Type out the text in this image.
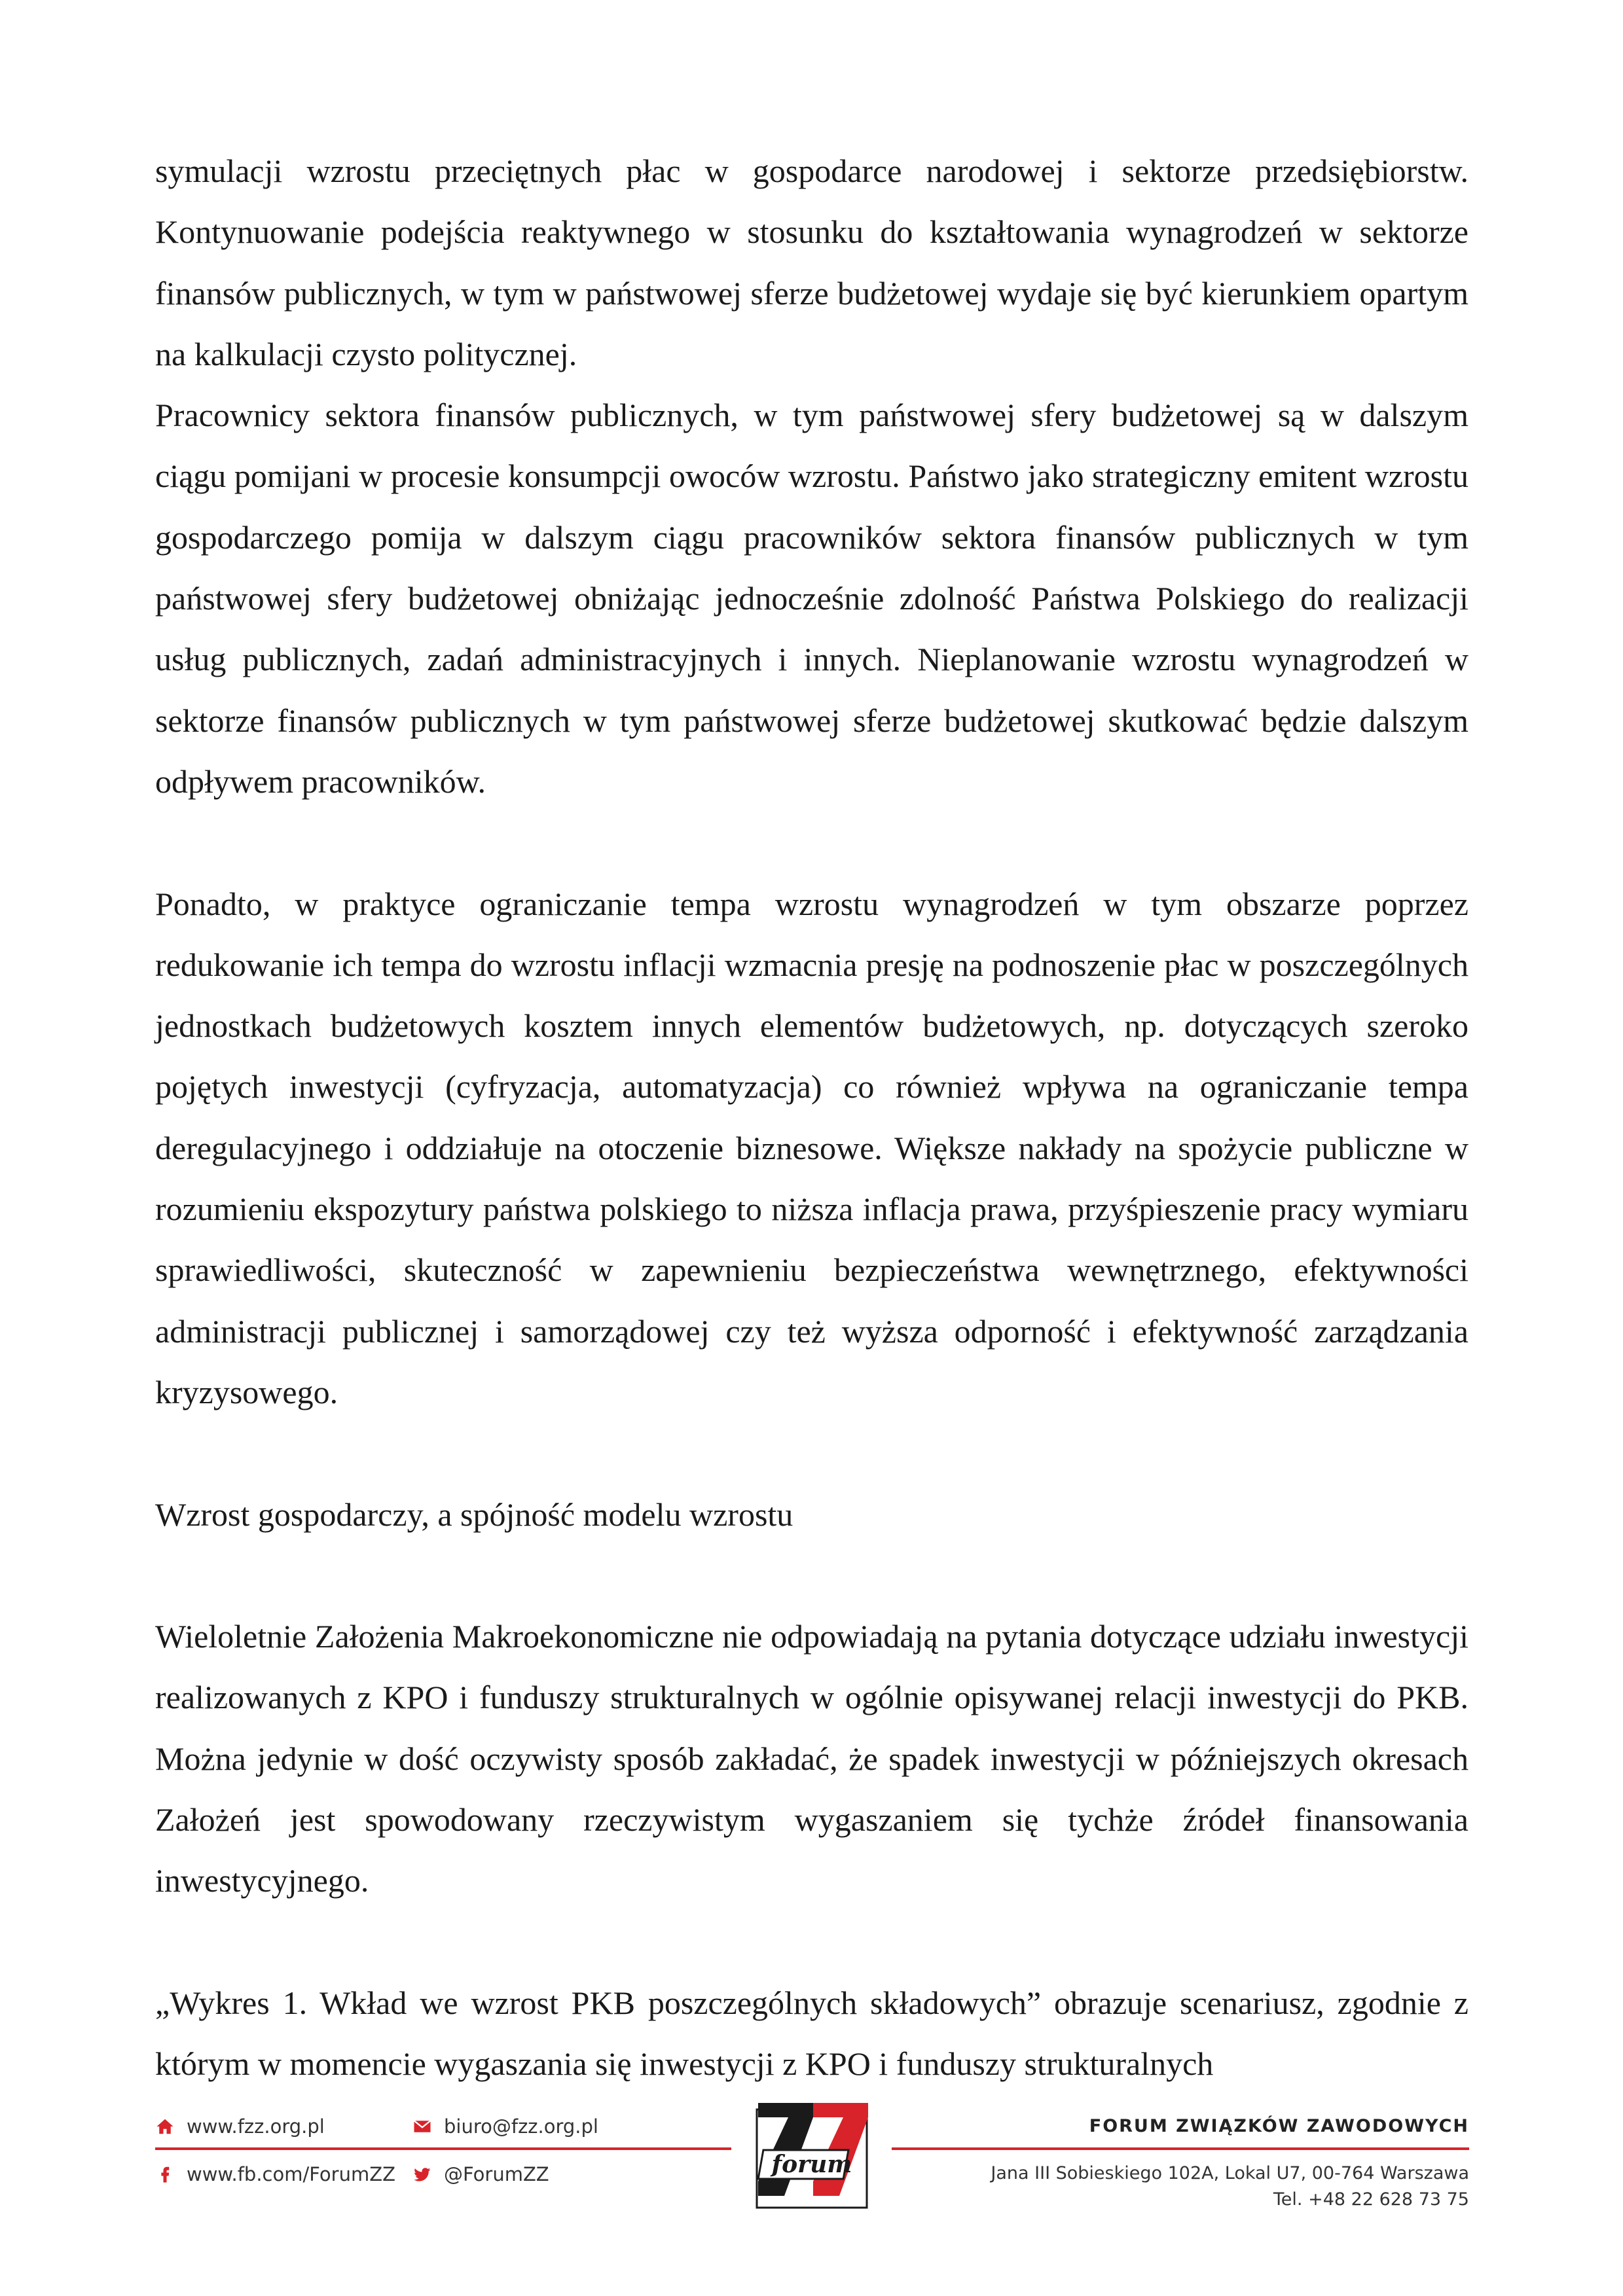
symulacji wzrostu przeciętnych płac w gospodarce narodowej i sektorze przedsiębiorstw. Kontynuowanie podejścia reaktywnego w stosunku do kształtowania wynagrodzeń w sektorze finansów publicznych, w tym w państwowej sferze budżetowej wydaje się być kierunkiem opartym na kalkulacji czysto politycznej.

Pracownicy sektora finansów publicznych, w tym państwowej sfery budżetowej są w dalszym ciągu pomijani w procesie konsumpcji owoców wzrostu. Państwo jako strategiczny emitent wzrostu gospodarczego pomija w dalszym ciągu pracowników sektora finansów publicznych w tym państwowej sfery budżetowej obniżając jednocześnie zdolność Państwa Polskiego do realizacji usług publicznych, zadań administracyjnych i innych. Nieplanowanie wzrostu wynagrodzeń w sektorze finansów publicznych w tym państwowej sferze budżetowej skutkować będzie dalszym odpływem pracowników.

Ponadto, w praktyce ograniczanie tempa wzrostu wynagrodzeń w tym obszarze poprzez redukowanie ich tempa do wzrostu inflacji wzmacnia presję na podnoszenie płac w poszczególnych jednostkach budżetowych kosztem innych elementów budżetowych, np. dotyczących szeroko pojętych inwestycji (cyfryzacja, automatyzacja) co również wpływa na ograniczanie tempa deregulacyjnego i oddziałuje na otoczenie biznesowe. Większe nakłady na spożycie publiczne w rozumieniu ekspozytury państwa polskiego to niższa inflacja prawa, przyśpieszenie pracy wymiaru sprawiedliwości, skuteczność w zapewnieniu bezpieczeństwa wewnętrznego, efektywności administracji publicznej i samorządowej czy też wyższa odporność i efektywność zarządzania kryzysowego.

Wzrost gospodarczy, a spójność modelu wzrostu

Wieloletnie Założenia Makroekonomiczne nie odpowiadają na pytania dotyczące udziału inwestycji realizowanych z KPO i funduszy strukturalnych w ogólnie opisywanej relacji inwestycji do PKB. Można jedynie w dość oczywisty sposób zakładać, że spadek inwestycji w późniejszych okresach Założeń jest spowodowany rzeczywistym wygaszaniem się tychże źródeł finansowania inwestycyjnego.

„Wykres 1. Wkład we wzrost PKB poszczególnych składowych” obrazuje scenariusz, zgodnie z którym w momencie wygaszania się inwestycji z KPO i funduszy strukturalnych

www.fzz.org.pl	biuro@fzz.org.pl
www.fb.com/ForumZZ	@ForumZZ	forum
FORUM ZWIĄZKÓW ZAWODOWYCH
Jana III Sobieskiego 102A, Lokal U7, 00-764 Warszawa
Tel. +48 22 628 73 75
